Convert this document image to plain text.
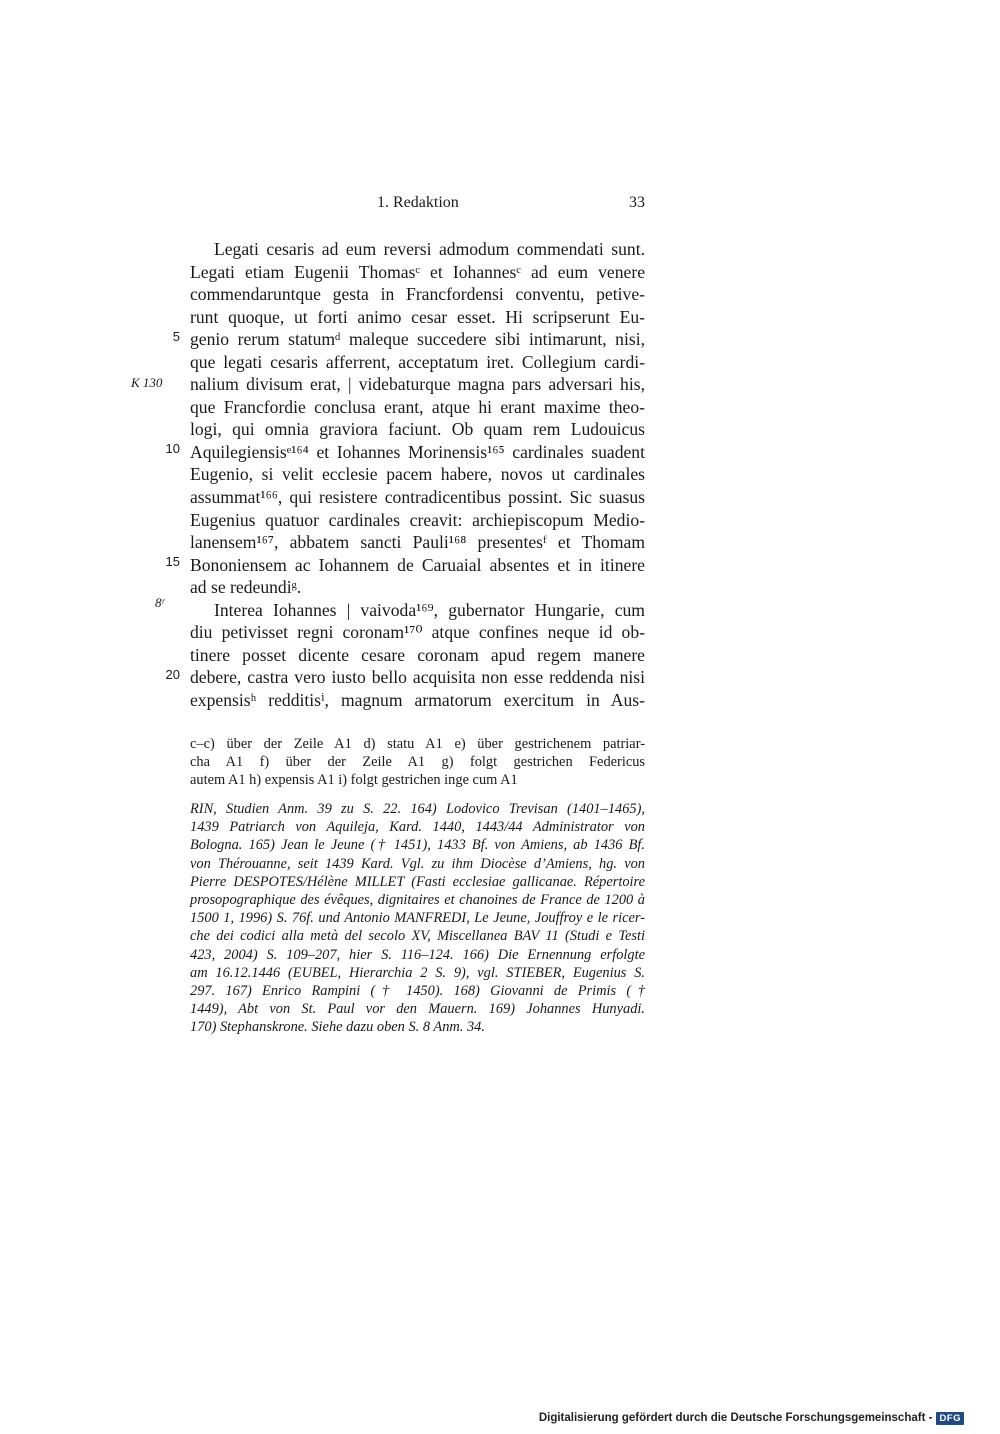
1. Redaktion	33
Legati cesaris ad eum reversi admodum commendati sunt.
Legati etiam Eugenii Thomasᶜ et Iohannesᶜ ad eum venere
commendaruntque gesta in Francfordensi conventu, petive-
runt quoque, ut forti animo cesar esset. Hi scripserunt Eu-
genio rerum statumᵈ maleque succedere sibi intimarunt, nisi,
que legati cesaris afferrent, acceptatum iret. Collegium cardi-
nalium divisum erat, | videbaturque magna pars adversari his,
que Francfordie conclusa erant, atque hi erant maxime theo-
logi, qui omnia graviora faciunt. Ob quam rem Ludouicus
Aquilegiensisᵉ¹⁶⁴ et Iohannes Morinensis¹⁶⁵ cardinales suadent
Eugenio, si velit ecclesie pacem habere, novos ut cardinales
assummat¹⁶⁶, qui resistere contradicentibus possint. Sic suasus
Eugenius quatuor cardinales creavit: archiepiscopum Medio-
lanensem¹⁶⁷, abbatem sancti Pauli¹⁶⁸ presentesᶠ et Thomam
Bononiensem ac Iohannem de Caruaial absentes et in itinere
ad se redeundiᵍ.
Interea Iohannes | vaivoda¹⁶⁹, gubernator Hungarie, cum
diu petivisset regni coronam¹⁷⁰ atque confines neque id ob-
tinere posset dicente cesare coronam apud regem manere
debere, castra vero iusto bello acquisita non esse reddenda nisi
expensisʰ redditisⁱ, magnum armatorum exercitum in Aus-
5
10
15
20
K 130
8ʳ
c–c) über der Zeile A1 d) statu A1 e) über gestrichenem patriar-
cha A1 f) über der Zeile A1 g) folgt gestrichen Federicus
autem A1 h) expensis A1 i) folgt gestrichen inge cum A1
RIN, Studien Anm. 39 zu S. 22. 164) Lodovico Trevisan (1401–1465),
1439 Patriarch von Aquileja, Kard. 1440, 1443/44 Administrator von
Bologna. 165) Jean le Jeune († 1451), 1433 Bf. von Amiens, ab 1436 Bf.
von Thérouanne, seit 1439 Kard. Vgl. zu ihm Diocèse d’Amiens, hg. von
Pierre DESPOTES/Hélène MILLET (Fasti ecclesiae gallicanae. Répertoire
prosopographique des évêques, dignitaires et chanoines de France de 1200 à
1500 1, 1996) S. 76f. und Antonio MANFREDI, Le Jeune, Jouffroy e le ricer-
che dei codici alla metà del secolo XV, Miscellanea BAV 11 (Studi e Testi
423, 2004) S. 109–207, hier S. 116–124. 166) Die Ernennung erfolgte
am 16.12.1446 (EUBEL, Hierarchia 2 S. 9), vgl. STIEBER, Eugenius S.
297. 167) Enrico Rampini († 1450). 168) Giovanni de Primis (†
1449), Abt von St. Paul vor den Mauern. 169) Johannes Hunyadi.
170) Stephanskrone. Siehe dazu oben S. 8 Anm. 34.
Digitalisierung gefördert durch die Deutsche Forschungsgemeinschaft - DFG
